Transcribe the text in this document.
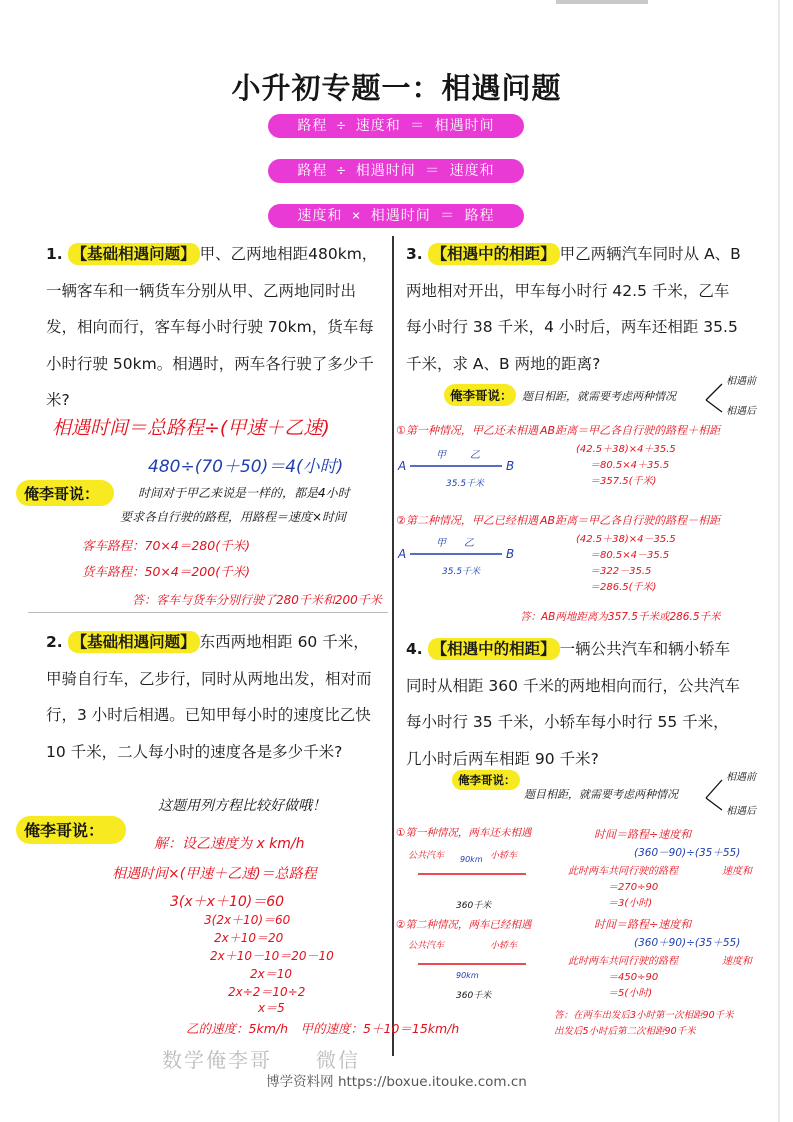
小升初专题一：相遇问题
路程 ÷ 速度和 ＝ 相遇时间
路程 ÷ 相遇时间 ＝ 速度和
速度和 × 相遇时间 ＝ 路程
1. 【基础相遇问题】 甲、乙两地相距480km，一辆客车和一辆货车分别从甲、乙两地同时出发，相向而行，客车每小时行驶 70km，货车每小时行驶 50km。相遇时，两车各行驶了多少千米?
3. 【相遇中的相距】 甲乙两辆汽车同时从 A、B 两地相对开出，甲车每小时行 42.5 千米，乙车每小时行 38 千米，4 小时后，两车还相距 35.5 千米，求 A、B 两地的距离?
2. 【基础相遇问题】 东西两地相距 60 千米，甲骑自行车，乙步行，同时从两地出发，相对而行，3 小时后相遇。已知甲每小时的速度比乙快 10 千米，二人每小时的速度各是多少千米?
4. 【相遇中的相距】 一辆公共汽车和辆小轿车同时从相距 360 千米的两地相向而行，公共汽车每小时行 35 千米，小轿车每小时行 55 千米，几小时后两车相距 90 千米?
相遇时间＝总路程÷(甲速＋乙速)
480÷(70＋50)＝4(小时)
俺李哥说：	时间对于甲乙来说是一样的，都是4小时
要求各自行驶的路程，用路程＝速度×时间
客车路程：70×4＝280(千米)
货车路程：50×4＝200(千米)
答：客车与货车分别行驶了280千米和200千米
这题用列方程比较好做哦！
俺李哥说：
解：设乙速度为 x km/h
相遇时间×(甲速＋乙速)＝总路程
3(x＋x＋10)＝60
3(2x＋10)＝60
2x＋10＝20
2x＋10－10＝20－10
2x＝10
2x÷2＝10÷2
x＝5
乙的速度：5km/h　甲的速度：5＋10＝15km/h
俺李哥说： 题目相距，就需要考虑两种情况
相遇前
相遇后
①第一种情况，甲乙还未相遇 AB距离＝甲乙各自行驶的路程＋相距
(42.5＋38)×4＋35.5
＝80.5×4＋35.5
＝357.5(千米)
A	B
甲 乙
35.5千米
②第二种情况，甲乙已经相遇 AB距离＝甲乙各自行驶的路程－相距
(42.5＋38)×4－35.5
＝80.5×4－35.5
＝322－35.5
＝286.5(千米)
A	B
甲 乙
35.5千米
答：AB两地距离为357.5千米或286.5千米
俺李哥说：
题目相距，就需要考虑两种情况
相遇前
相遇后
①第一种情况，两车还未相遇	时间＝路程÷速度和
(360－90)÷(35＋55)
此时两车共同行驶的路程	速度和
＝270÷90
＝3(小时)
公共汽车	小轿车
90km
360千米
②第二种情况，两车已经相遇	时间＝路程÷速度和
(360＋90)÷(35＋55)
此时两车共同行驶的路程	速度和
＝450÷90
＝5(小时)
公共汽车	小轿车
90km
360千米
答：在两车出发后3小时第一次相距90千米
出发后5小时后第二次相距90千米
数学俺李哥　　微信
博学资料网 https://boxue.itouke.com.cn
